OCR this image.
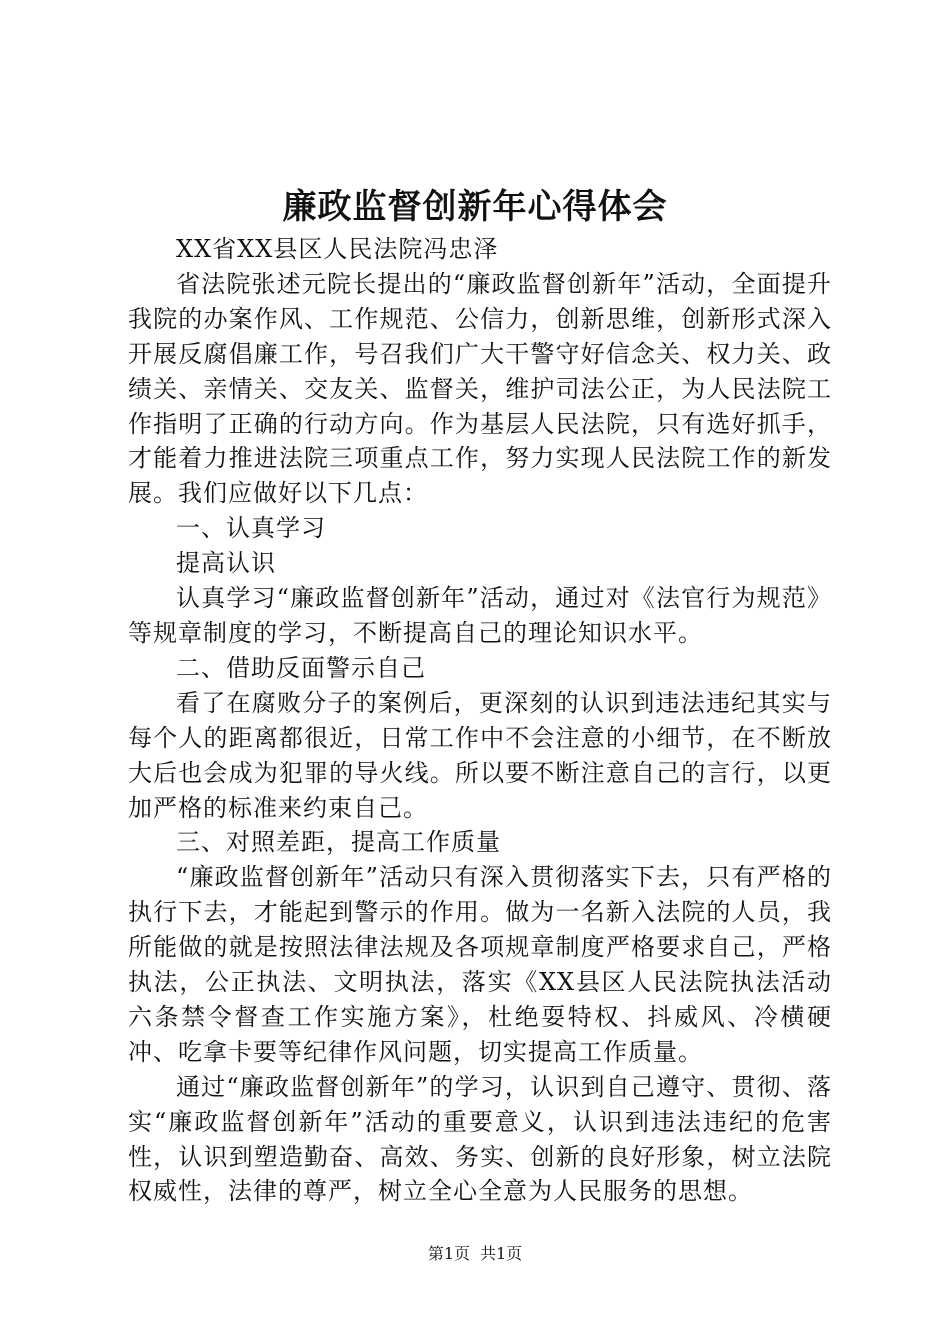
廉政监督创新年心得体会

XX省XX县区人民法院冯忠泽

省法院张述元院长提出的“廉政监督创新年”活动，全面提升我院的办案作风、工作规范、公信力，创新思维，创新形式深入开展反腐倡廉工作，号召我们广大干警守好信念关、权力关、政绩关、亲情关、交友关、监督关，维护司法公正，为人民法院工作指明了正确的行动方向。作为基层人民法院，只有选好抓手，才能着力推进法院三项重点工作，努力实现人民法院工作的新发展。我们应做好以下几点：

一、认真学习

提高认识

认真学习“廉政监督创新年”活动，通过对《法官行为规范》等规章制度的学习，不断提高自己的理论知识水平。

二、借助反面警示自己

看了在腐败分子的案例后，更深刻的认识到违法违纪其实与每个人的距离都很近，日常工作中不会注意的小细节，在不断放大后也会成为犯罪的导火线。所以要不断注意自己的言行，以更加严格的标准来约束自己。

三、对照差距，提高工作质量

“廉政监督创新年”活动只有深入贯彻落实下去，只有严格的执行下去，才能起到警示的作用。做为一名新入法院的人员，我所能做的就是按照法律法规及各项规章制度严格要求自己，严格执法，公正执法、文明执法，落实《XX县区人民法院执法活动六条禁令督查工作实施方案》，杜绝耍特权、抖威风、冷横硬冲、吃拿卡要等纪律作风问题，切实提高工作质量。

通过“廉政监督创新年”的学习，认识到自己遵守、贯彻、落实“廉政监督创新年”活动的重要意义，认识到违法违纪的危害性，认识到塑造勤奋、高效、务实、创新的良好形象，树立法院权威性，法律的尊严，树立全心全意为人民服务的思想。

第1页 共1页
